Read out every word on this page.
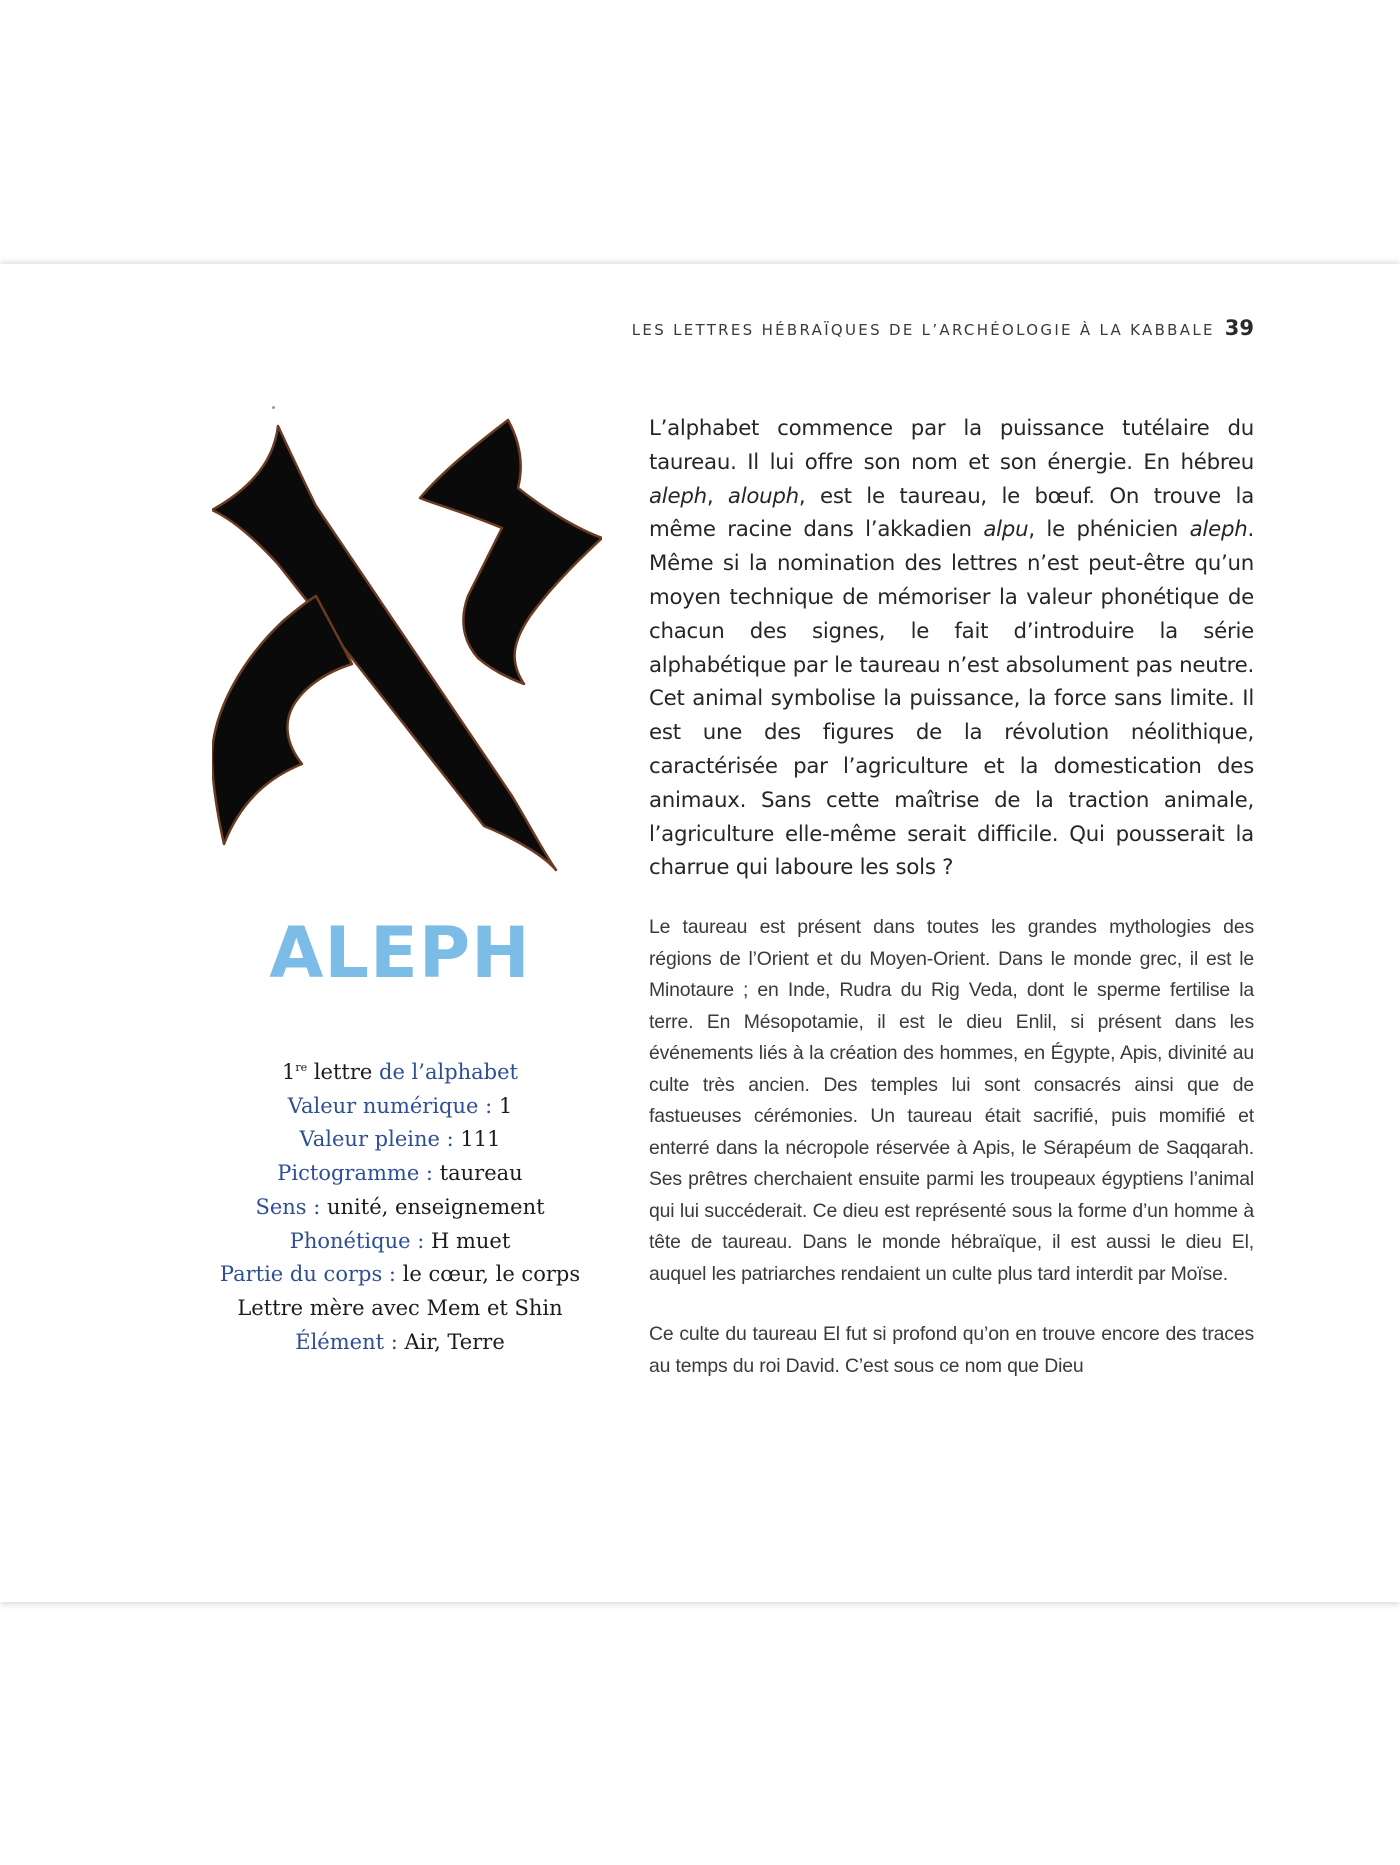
LES LETTRES HÉBRAÏQUES DE L’ARCHÉOLOGIE À LA KABBALE 39
ALEPH
1re lettre de l’alphabet
Valeur numérique : 1
Valeur pleine : 111
Pictogramme : taureau
Sens : unité, enseignement
Phonétique : H muet
Partie du corps : le cœur, le corps
Lettre mère avec Mem et Shin
Élément : Air, Terre

L’alphabet commence par la puissance tutélaire du taureau. Il lui offre son nom et son énergie. En hébreu aleph, alouph, est le taureau, le bœuf. On trouve la même racine dans l’akkadien alpu, le phénicien aleph. Même si la nomination des lettres n’est peut-être qu’un moyen technique de mémoriser la valeur phonétique de chacun des signes, le fait d’introduire la série alphabétique par le taureau n’est absolument pas neutre. Cet animal symbolise la puissance, la force sans limite. Il est une des figures de la révolution néolithique, caractérisée par l’agriculture et la domestication des animaux. Sans cette maîtrise de la traction animale, l’agriculture elle-même serait difficile. Qui pousserait la charrue qui laboure les sols ?

Le taureau est présent dans toutes les grandes mythologies des régions de l’Orient et du Moyen-Orient. Dans le monde grec, il est le Minotaure ; en Inde, Rudra du Rig Veda, dont le sperme fertilise la terre. En Mésopotamie, il est le dieu Enlil, si présent dans les événements liés à la création des hommes, en Égypte, Apis, divinité au culte très ancien. Des temples lui sont consacrés ainsi que de fastueuses cérémonies. Un taureau était sacrifié, puis momifié et enterré dans la nécropole réservée à Apis, le Sérapéum de Saqqarah. Ses prêtres cherchaient ensuite parmi les troupeaux égyptiens l’animal qui lui succéderait. Ce dieu est représenté sous la forme d’un homme à tête de taureau. Dans le monde hébraïque, il est aussi le dieu El, auquel les patriarches rendaient un culte plus tard interdit par Moïse.

Ce culte du taureau El fut si profond qu’on en trouve encore des traces au temps du roi David. C’est sous ce nom que Dieu
